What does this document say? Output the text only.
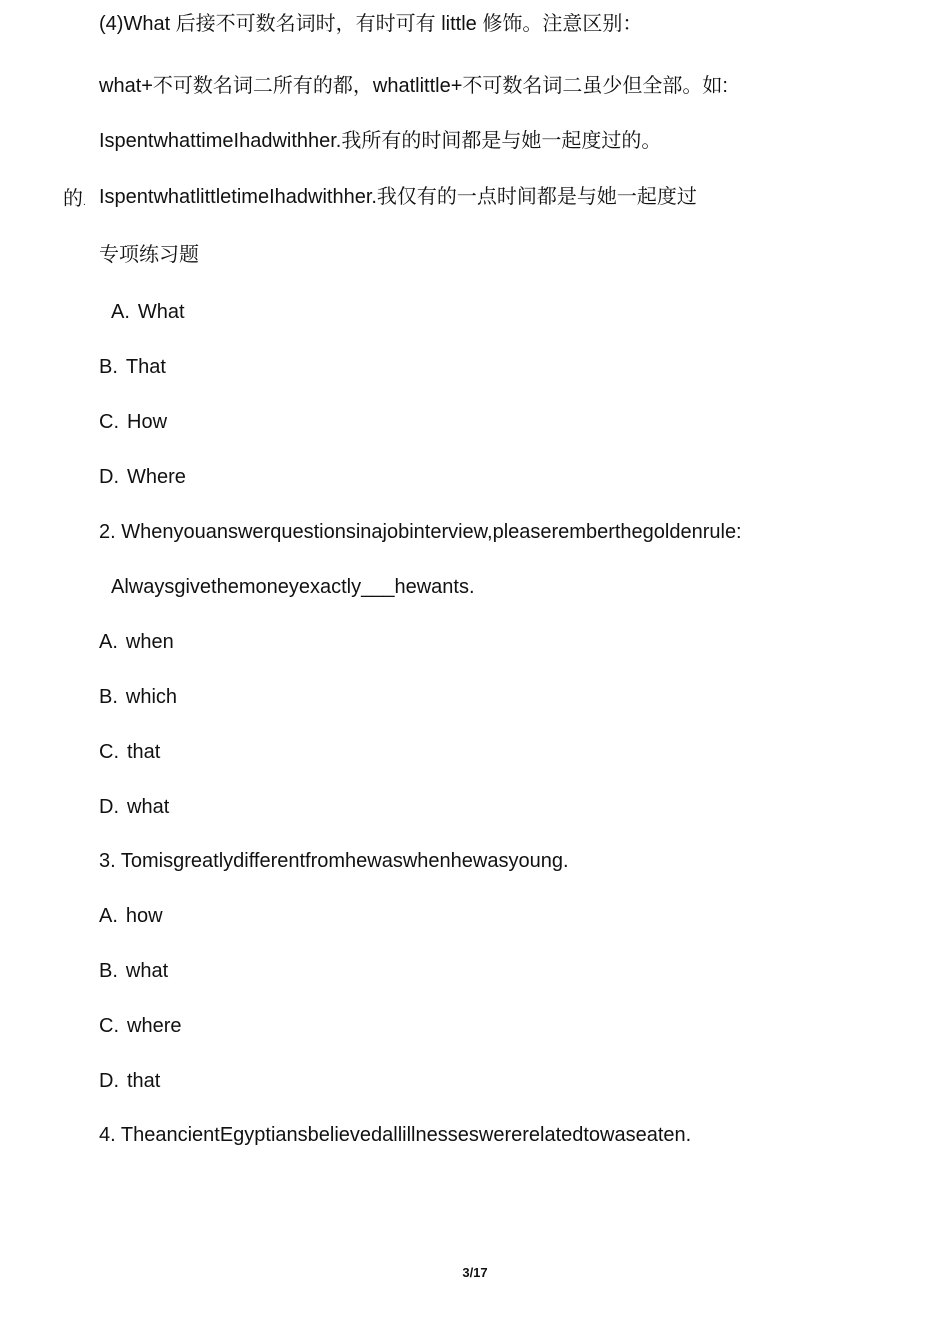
(4)What 后接不可数名词时，有时可有 little 修饰。注意区别：
what+不可数名词二所有的都，whatlittle+不可数名词二虽少但全部。如:
IspentwhattimeIhadwithher.我所有的时间都是与她一起度过的。
的. IspentwhatlittletimeIhadwithher.我仅有的一点时间都是与她一起度过
专项练习题
A. What
B. That
C. How
D. Where
2. Whenyouanswerquestionsinajobinterview,pleaseremberthegoldenrule:
Alwaysgivethemoneyexactly___hewants.
A. when
B. which
C. that
D. what
3. Tomisgreatlydifferentfromhewaswhenhewasyoung.
A. how
B. what
C. where
D. that
4. TheancientEgyptiansbelievedallillnesseswererelatedtowaseaten.
3/17
